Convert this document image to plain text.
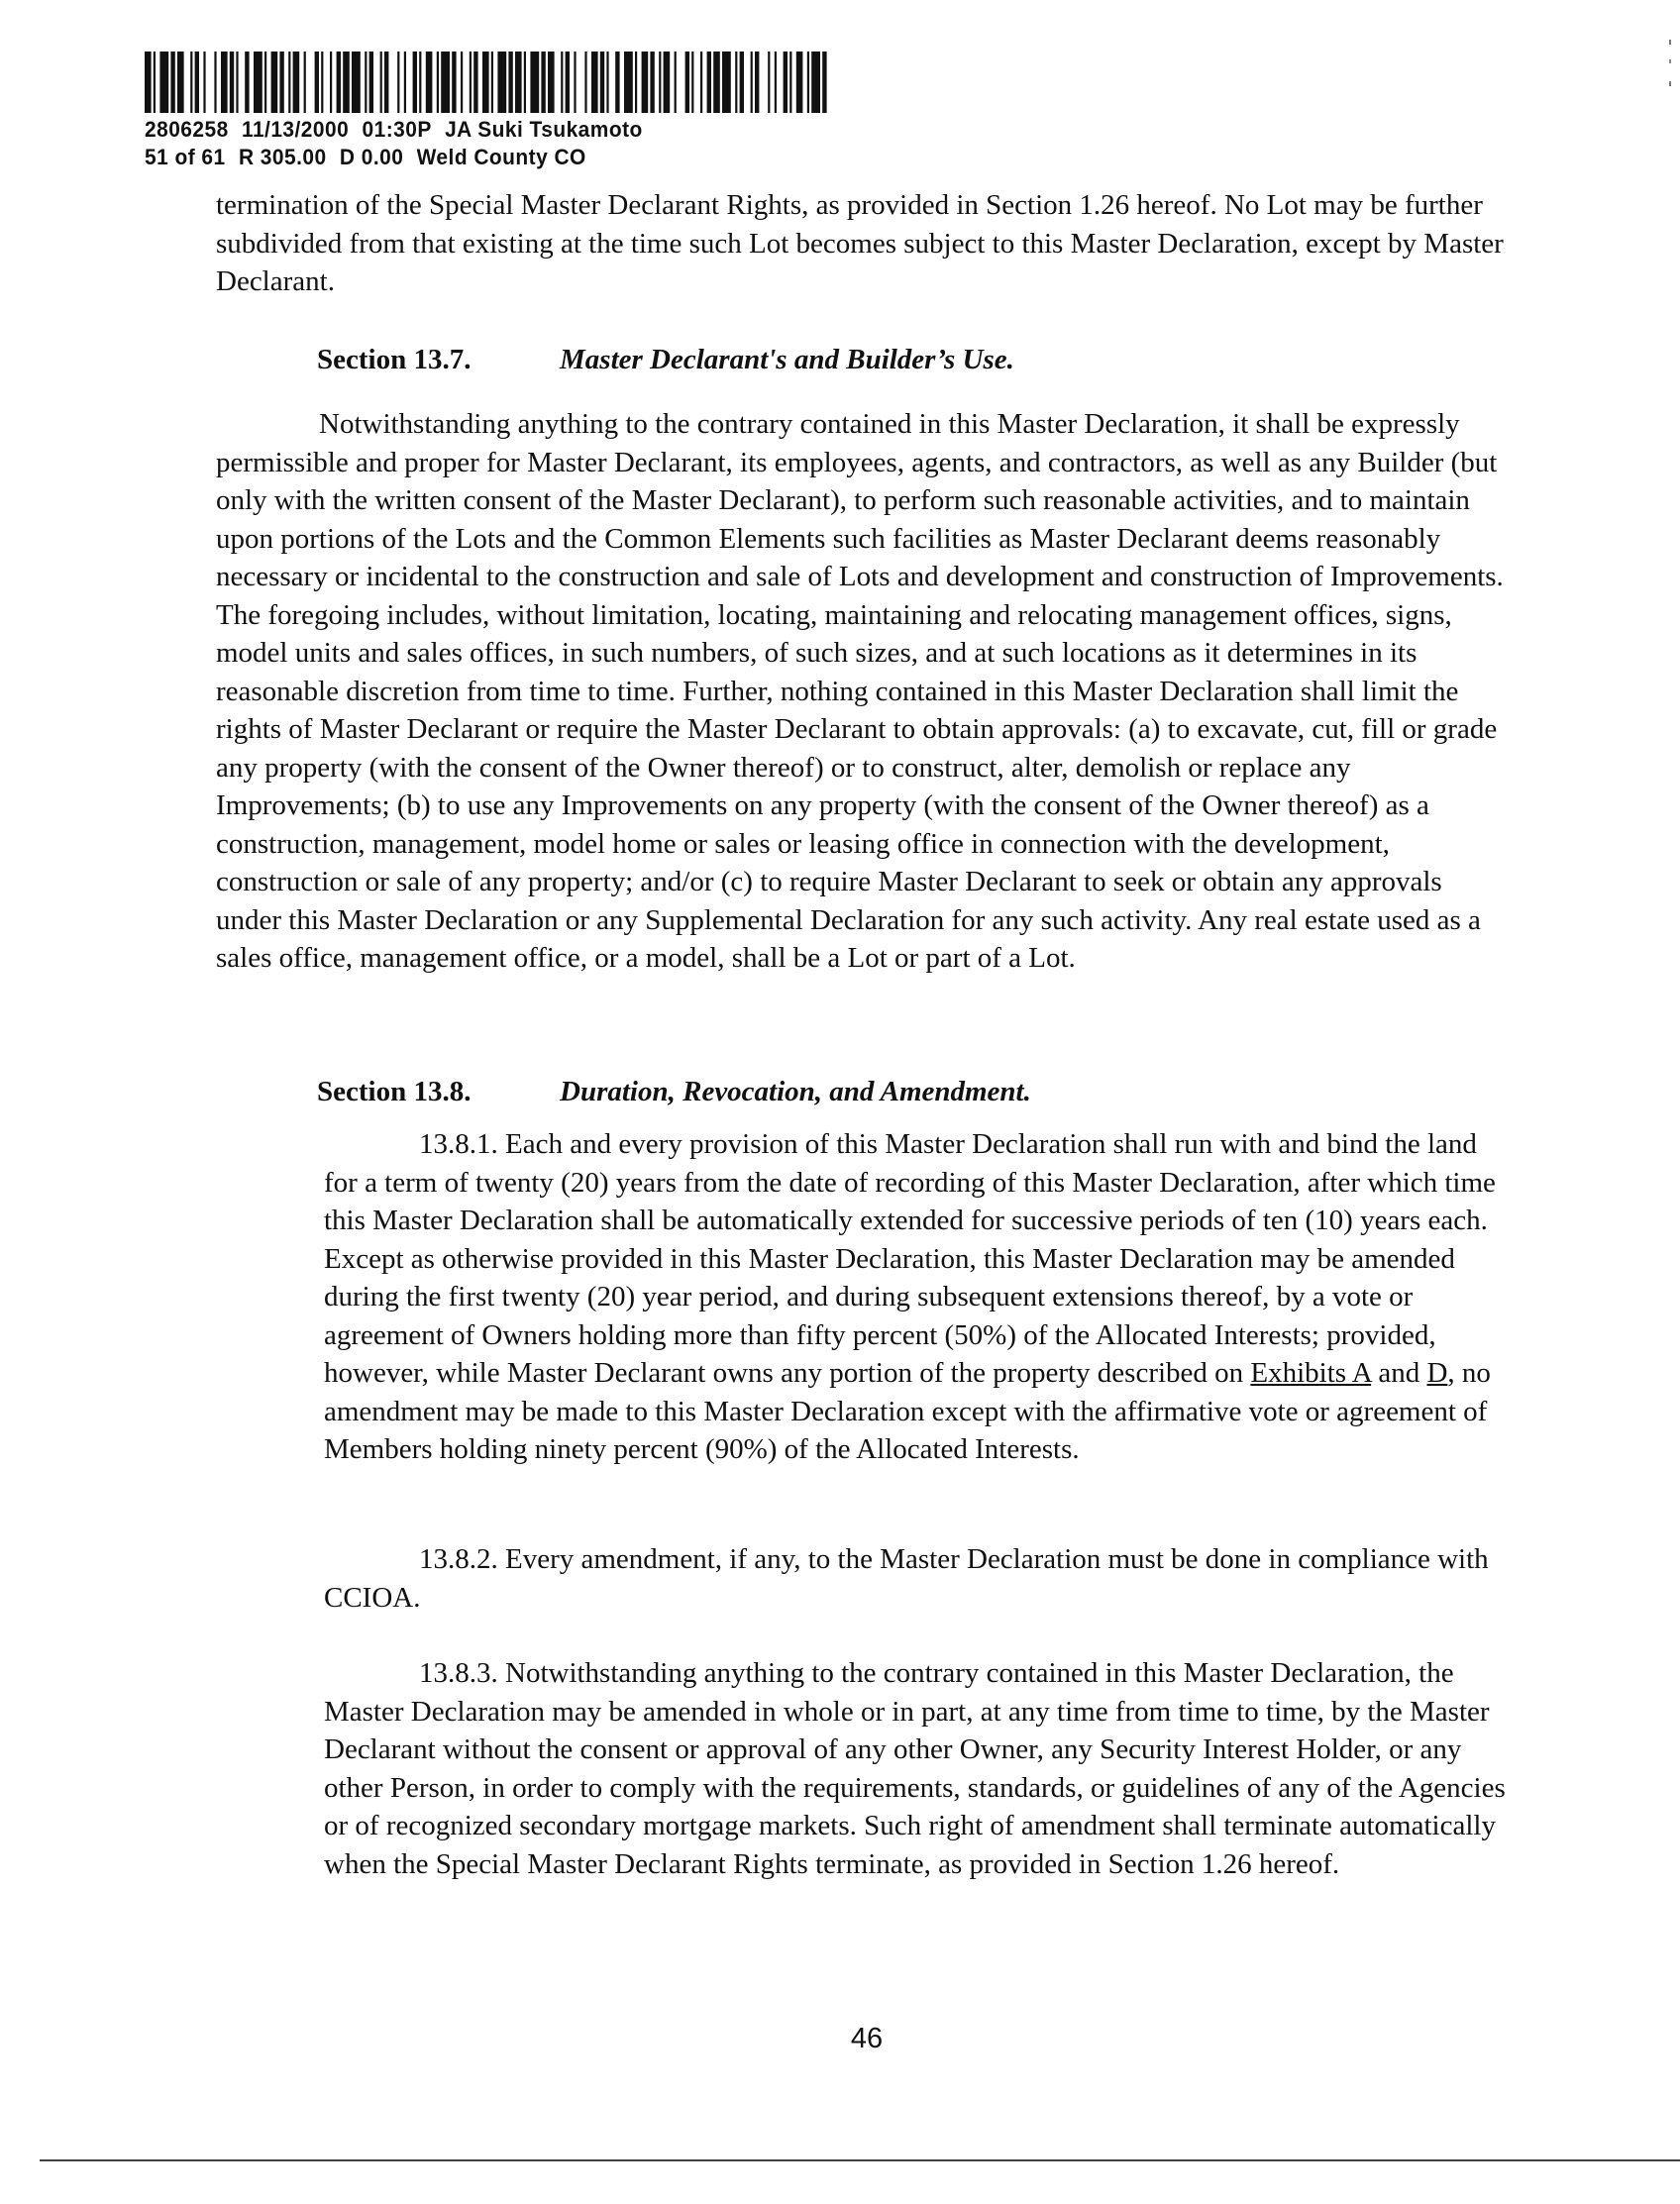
2806258 11/13/2000 01:30P JA Suki Tsukamoto
51 of 61 R 305.00 D 0.00 Weld County CO
termination of the Special Master Declarant Rights, as provided in Section 1.26 hereof. No Lot may be further subdivided from that existing at the time such Lot becomes subject to this Master Declaration, except by Master Declarant.
Section 13.7.	Master Declarant's and Builder’s Use.
Notwithstanding anything to the contrary contained in this Master Declaration, it shall be expressly permissible and proper for Master Declarant, its employees, agents, and contractors, as well as any Builder (but only with the written consent of the Master Declarant), to perform such reasonable activities, and to maintain upon portions of the Lots and the Common Elements such facilities as Master Declarant deems reasonably necessary or incidental to the construction and sale of Lots and development and construction of Improvements. The foregoing includes, without limitation, locating, maintaining and relocating management offices, signs, model units and sales offices, in such numbers, of such sizes, and at such locations as it determines in its reasonable discretion from time to time. Further, nothing contained in this Master Declaration shall limit the rights of Master Declarant or require the Master Declarant to obtain approvals: (a) to excavate, cut, fill or grade any property (with the consent of the Owner thereof) or to construct, alter, demolish or replace any Improvements; (b) to use any Improvements on any property (with the consent of the Owner thereof) as a construction, management, model home or sales or leasing office in connection with the development, construction or sale of any property; and/or (c) to require Master Declarant to seek or obtain any approvals under this Master Declaration or any Supplemental Declaration for any such activity. Any real estate used as a sales office, management office, or a model, shall be a Lot or part of a Lot.
Section 13.8.	Duration, Revocation, and Amendment.
13.8.1. Each and every provision of this Master Declaration shall run with and bind the land for a term of twenty (20) years from the date of recording of this Master Declaration, after which time this Master Declaration shall be automatically extended for successive periods of ten (10) years each. Except as otherwise provided in this Master Declaration, this Master Declaration may be amended during the first twenty (20) year period, and during subsequent extensions thereof, by a vote or agreement of Owners holding more than fifty percent (50%) of the Allocated Interests; provided, however, while Master Declarant owns any portion of the property described on Exhibits A and D, no amendment may be made to this Master Declaration except with the affirmative vote or agreement of Members holding ninety percent (90%) of the Allocated Interests.
13.8.2. Every amendment, if any, to the Master Declaration must be done in compliance with CCIOA.
13.8.3. Notwithstanding anything to the contrary contained in this Master Declaration, the Master Declaration may be amended in whole or in part, at any time from time to time, by the Master Declarant without the consent or approval of any other Owner, any Security Interest Holder, or any other Person, in order to comply with the requirements, standards, or guidelines of any of the Agencies or of recognized secondary mortgage markets. Such right of amendment shall terminate automatically when the Special Master Declarant Rights terminate, as provided in Section 1.26 hereof.
46
